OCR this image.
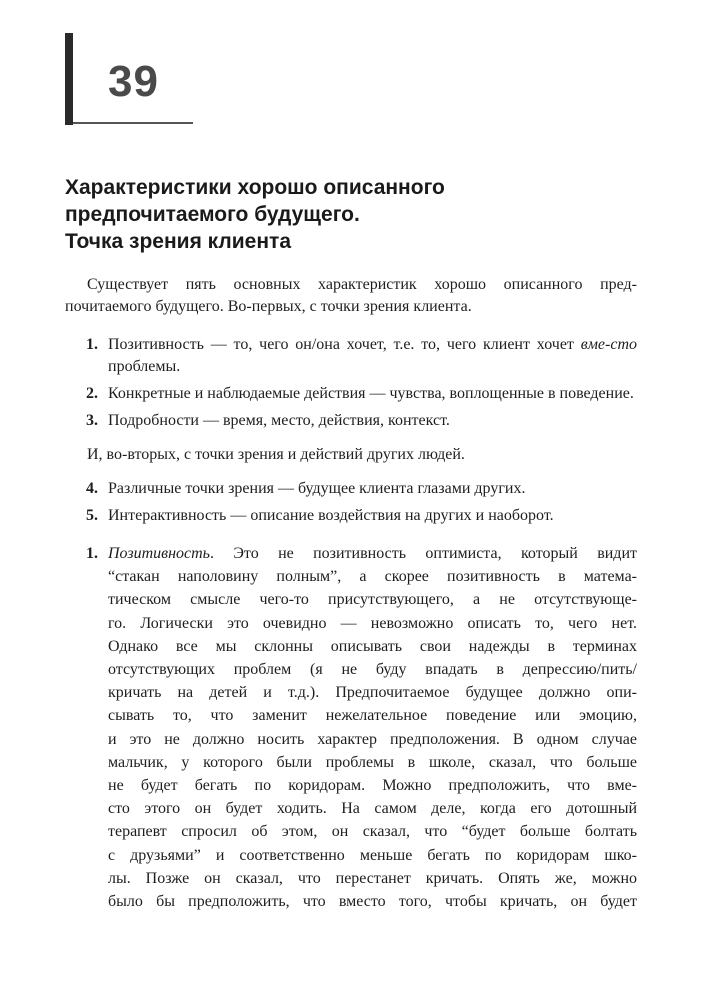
39
Характеристики хорошо описанного
предпочитаемого будущего.
Точка зрения клиента

Существует пять основных характеристик хорошо описанного пред-почитаемого будущего. Во-первых, с точки зрения клиента.

1. Позитивность — то, чего он/она хочет, т.е. то, чего клиент хочет вме-сто проблемы.
2. Конкретные и наблюдаемые действия — чувства, воплощенные в поведение.
3. Подробности — время, место, действия, контекст.

И, во-вторых, с точки зрения и действий других людей.

4. Различные точки зрения — будущее клиента глазами других.
5. Интерактивность — описание воздействия на других и наоборот.
1. Позитивность. Это не позитивность оптимиста, который видит
“стакан наполовину полным”, а скорее позитивность в матема-
тическом смысле чего-то присутствующего, а не отсутствующе-
го. Логически это очевидно — невозможно описать то, чего нет.
Однако все мы склонны описывать свои надежды в терминах
отсутствующих проблем (я не буду впадать в депрессию/пить/
кричать на детей и т.д.). Предпочитаемое будущее должно опи-
сывать то, что заменит нежелательное поведение или эмоцию,
и это не должно носить характер предположения. В одном случае
мальчик, у которого были проблемы в школе, сказал, что больше
не будет бегать по коридорам. Можно предположить, что вме-
сто этого он будет ходить. На самом деле, когда его дотошный
терапевт спросил об этом, он сказал, что “будет больше болтать
с друзьями” и соответственно меньше бегать по коридорам шко-
лы. Позже он сказал, что перестанет кричать. Опять же, можно
было бы предположить, что вместо того, чтобы кричать, он будет
